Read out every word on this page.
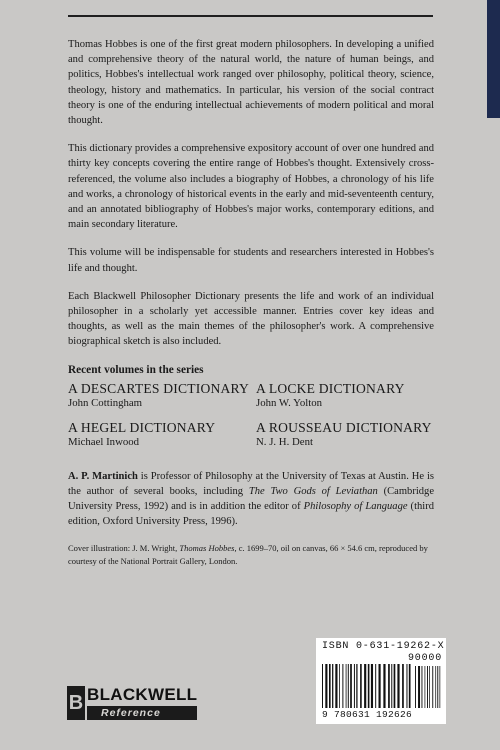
Thomas Hobbes is one of the first great modern philosophers. In developing a unified and comprehensive theory of the natural world, the nature of human beings, and politics, Hobbes's intellectual work ranged over philosophy, political theory, science, theology, history and mathematics. In particular, his version of the social contract theory is one of the enduring intellectual achievements of modern political and moral thought.

This dictionary provides a comprehensive expository account of over one hundred and thirty key concepts covering the entire range of Hobbes's thought. Extensively cross-referenced, the volume also includes a biography of Hobbes, a chronology of his life and works, a chronology of historical events in the early and mid-seventeenth century, and an annotated bibliography of Hobbes's major works, contemporary editions, and main secondary literature.

This volume will be indispensable for students and researchers interested in Hobbes's life and thought.

Each Blackwell Philosopher Dictionary presents the life and work of an individual philosopher in a scholarly yet accessible manner. Entries cover key ideas and thoughts, as well as the main themes of the philosopher's work. A comprehensive biographical sketch is also included.

Recent volumes in the series
A DESCARTES DICTIONARY
John Cottingham
A LOCKE DICTIONARY
John W. Yolton
A HEGEL DICTIONARY
Michael Inwood
A ROUSSEAU DICTIONARY
N. J. H. Dent

A. P. Martinich is Professor of Philosophy at the University of Texas at Austin. He is the author of several books, including The Two Gods of Leviathan (Cambridge University Press, 1992) and is in addition the editor of Philosophy of Language (third edition, Oxford University Press, 1996).

Cover illustration: J. M. Wright, Thomas Hobbes, c. 1699–70, oil on canvas, 66 × 54.6 cm, reproduced by courtesy of the National Portrait Gallery, London.

B BLACKWELL
Reference
ISBN 0-631-19262-X
90000
9 780631 192626
